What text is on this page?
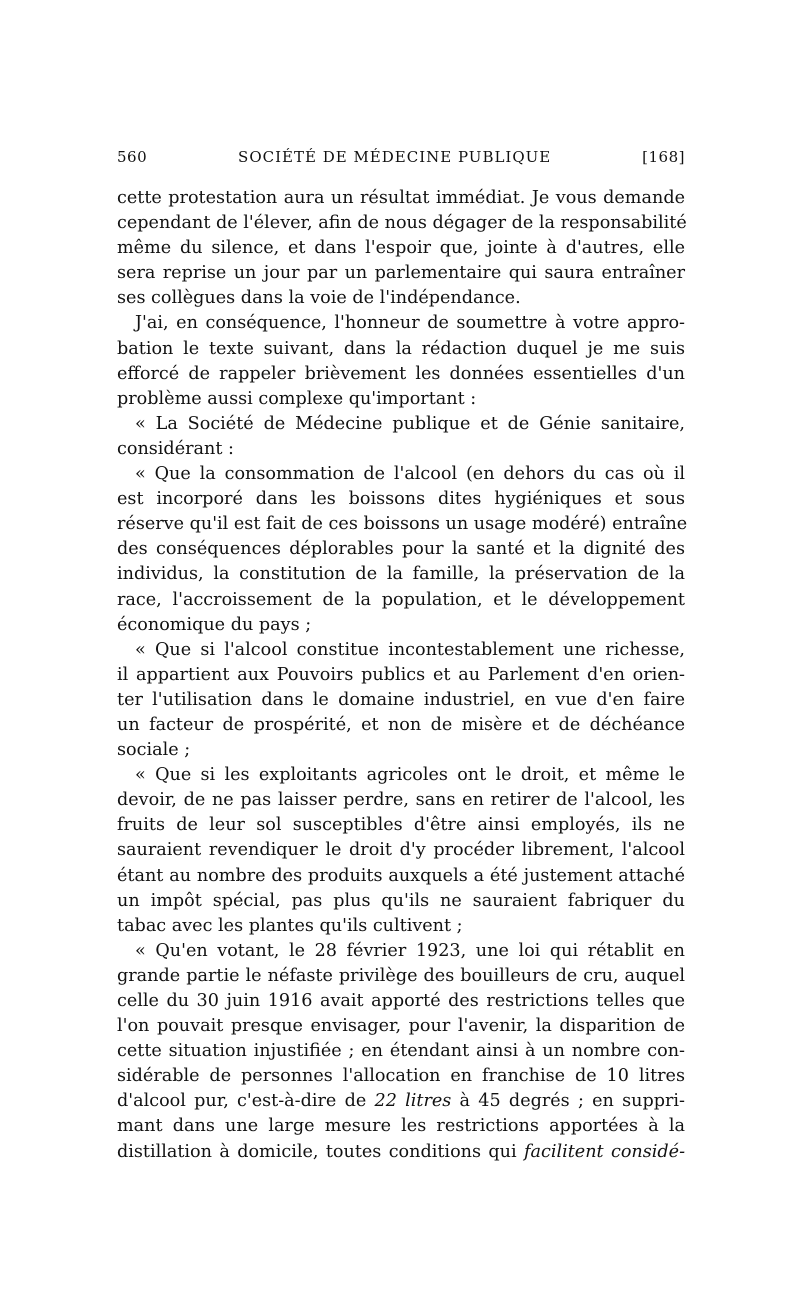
560	SOCIÉTÉ DE MÉDECINE PUBLIQUE	[168]
cette protestation aura un résultat immédiat. Je vous demande
cependant de l'élever, afin de nous dégager de la responsabilité
même du silence, et dans l'espoir que, jointe à d'autres, elle
sera reprise un jour par un parlementaire qui saura entraîner
ses collègues dans la voie de l'indépendance.
J'ai, en conséquence, l'honneur de soumettre à votre appro-
bation le texte suivant, dans la rédaction duquel je me suis
efforcé de rappeler brièvement les données essentielles d'un
problème aussi complexe qu'important :
« La Société de Médecine publique et de Génie sanitaire,
considérant :
« Que la consommation de l'alcool (en dehors du cas où il
est incorporé dans les boissons dites hygiéniques et sous
réserve qu'il est fait de ces boissons un usage modéré) entraîne
des conséquences déplorables pour la santé et la dignité des
individus, la constitution de la famille, la préservation de la
race, l'accroissement de la population, et le développement
économique du pays ;
« Que si l'alcool constitue incontestablement une richesse,
il appartient aux Pouvoirs publics et au Parlement d'en orien-
ter l'utilisation dans le domaine industriel, en vue d'en faire
un facteur de prospérité, et non de misère et de déchéance
sociale ;
« Que si les exploitants agricoles ont le droit, et même le
devoir, de ne pas laisser perdre, sans en retirer de l'alcool, les
fruits de leur sol susceptibles d'être ainsi employés, ils ne
sauraient revendiquer le droit d'y procéder librement, l'alcool
étant au nombre des produits auxquels a été justement attaché
un impôt spécial, pas plus qu'ils ne sauraient fabriquer du
tabac avec les plantes qu'ils cultivent ;
« Qu'en votant, le 28 février 1923, une loi qui rétablit en
grande partie le néfaste privilège des bouilleurs de cru, auquel
celle du 30 juin 1916 avait apporté des restrictions telles que
l'on pouvait presque envisager, pour l'avenir, la disparition de
cette situation injustifiée ; en étendant ainsi à un nombre con-
sidérable de personnes l'allocation en franchise de 10 litres
d'alcool pur, c'est-à-dire de 22 litres à 45 degrés ; en suppri-
mant dans une large mesure les restrictions apportées à la
distillation à domicile, toutes conditions qui facilitent considé-
